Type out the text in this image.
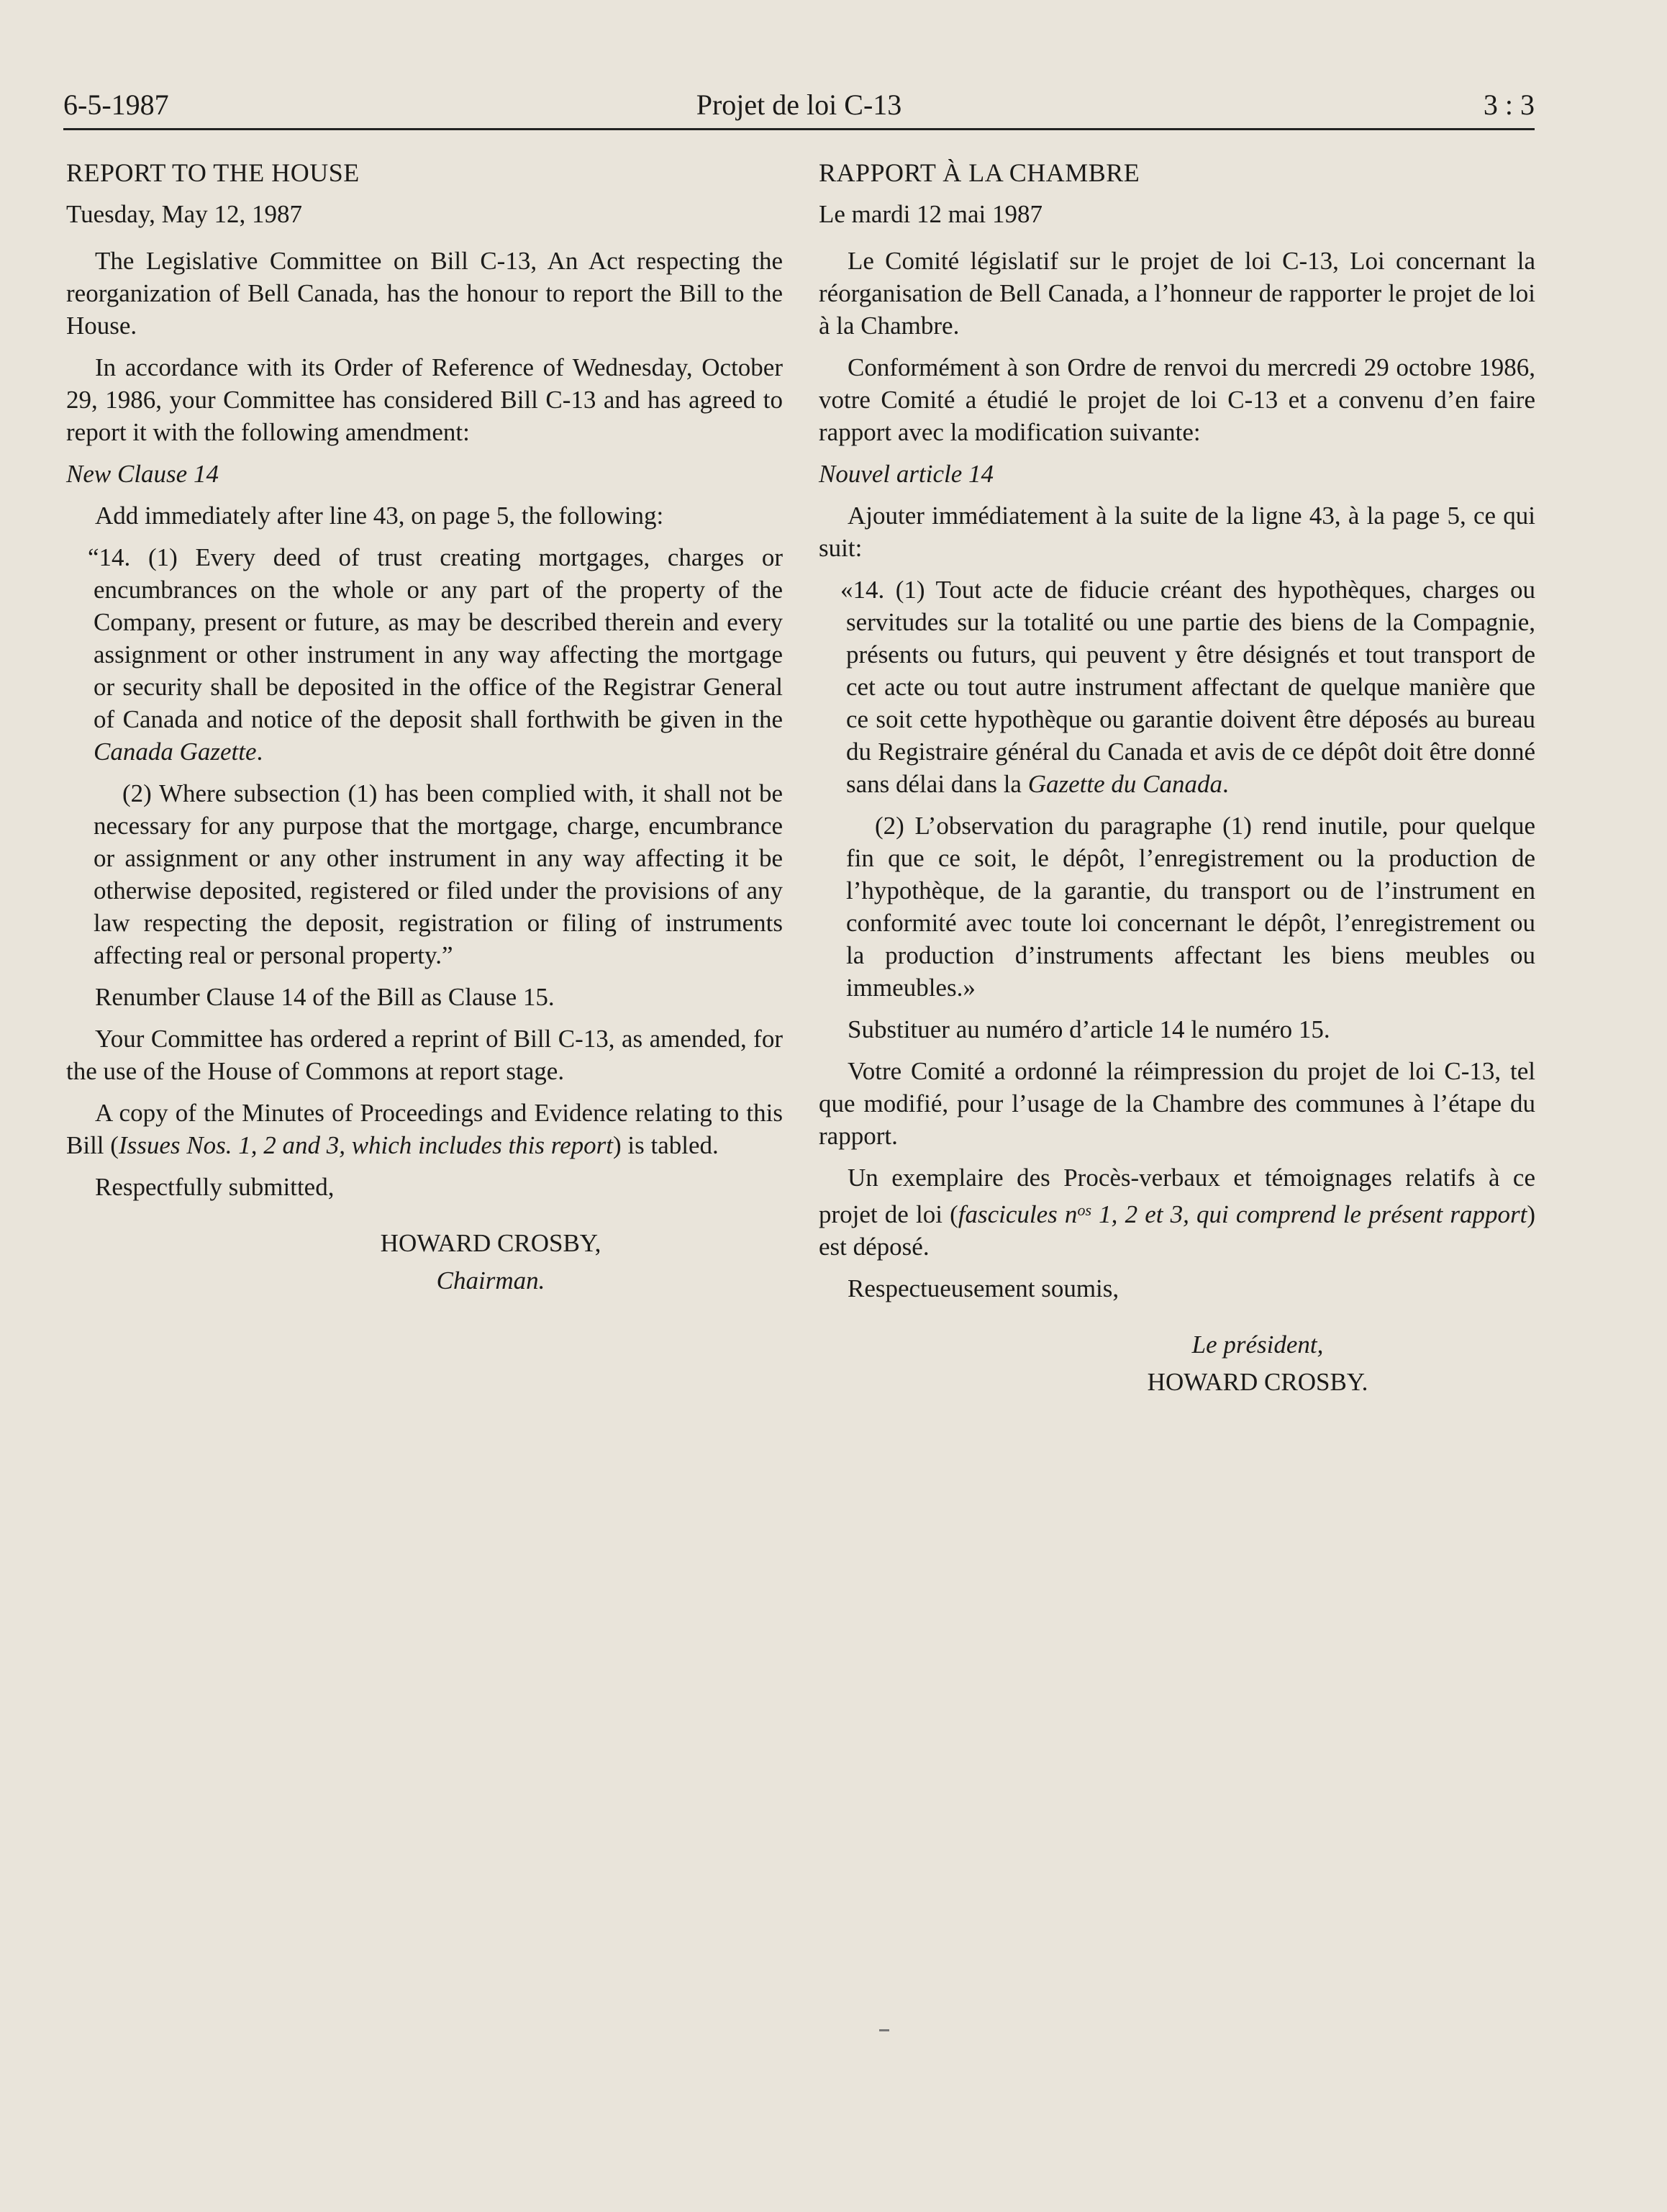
6-5-1987	Projet de loi C-13	3 : 3
REPORT TO THE HOUSE

Tuesday, May 12, 1987

The Legislative Committee on Bill C-13, An Act respecting the reorganization of Bell Canada, has the honour to report the Bill to the House.

In accordance with its Order of Reference of Wednesday, October 29, 1986, your Committee has considered Bill C-13 and has agreed to report it with the following amendment:

New Clause 14

Add immediately after line 43, on page 5, the following:

“14. (1) Every deed of trust creating mortgages, charges or encumbrances on the whole or any part of the property of the Company, present or future, as may be described therein and every assignment or other instrument in any way affecting the mortgage or security shall be deposited in the office of the Registrar General of Canada and notice of the deposit shall forthwith be given in the Canada Gazette.

(2) Where subsection (1) has been complied with, it shall not be necessary for any purpose that the mortgage, charge, encumbrance or assignment or any other instrument in any way affecting it be otherwise deposited, registered or filed under the provisions of any law respecting the deposit, registration or filing of instruments affecting real or personal property.”

Renumber Clause 14 of the Bill as Clause 15.

Your Committee has ordered a reprint of Bill C-13, as amended, for the use of the House of Commons at report stage.

A copy of the Minutes of Proceedings and Evidence relating to this Bill (Issues Nos. 1, 2 and 3, which includes this report) is tabled.

Respectfully submitted,

HOWARD CROSBY,
Chairman.
RAPPORT À LA CHAMBRE

Le mardi 12 mai 1987

Le Comité législatif sur le projet de loi C-13, Loi concernant la réorganisation de Bell Canada, a l’honneur de rapporter le projet de loi à la Chambre.

Conformément à son Ordre de renvoi du mercredi 29 octobre 1986, votre Comité a étudié le projet de loi C-13 et a convenu d’en faire rapport avec la modification suivante:

Nouvel article 14

Ajouter immédiatement à la suite de la ligne 43, à la page 5, ce qui suit:

«14. (1) Tout acte de fiducie créant des hypothèques, charges ou servitudes sur la totalité ou une partie des biens de la Compagnie, présents ou futurs, qui peuvent y être désignés et tout transport de cet acte ou tout autre instrument affectant de quelque manière que ce soit cette hypothèque ou garantie doivent être déposés au bureau du Registraire général du Canada et avis de ce dépôt doit être donné sans délai dans la Gazette du Canada.

(2) L’observation du paragraphe (1) rend inutile, pour quelque fin que ce soit, le dépôt, l’enregistrement ou la production de l’hypothèque, de la garantie, du transport ou de l’instrument en conformité avec toute loi concernant le dépôt, l’enregistrement ou la production d’instruments affectant les biens meubles ou immeubles.»

Substituer au numéro d’article 14 le numéro 15.

Votre Comité a ordonné la réimpression du projet de loi C-13, tel que modifié, pour l’usage de la Chambre des communes à l’étape du rapport.

Un exemplaire des Procès-verbaux et témoignages relatifs à ce projet de loi (fascicules $n^{os}$ 1, 2 et 3, qui comprend le présent rapport) est déposé.

Respectueusement soumis,

Le président,
HOWARD CROSBY.
